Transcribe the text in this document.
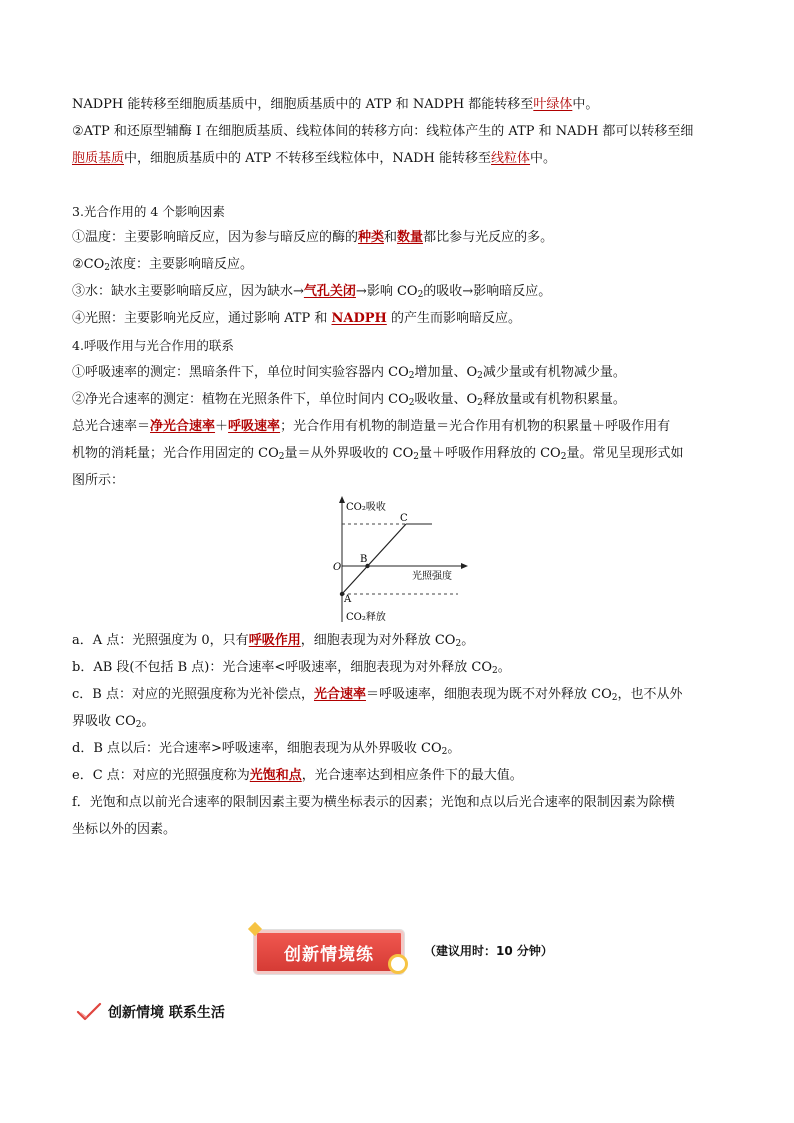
NADPH 能转移至细胞质基质中，细胞质基质中的 ATP 和 NADPH 都能转移至叶绿体中。
②ATP 和还原型辅酶 I 在细胞质基质、线粒体间的转移方向：线粒体产生的 ATP 和 NADH 都可以转移至细
胞质基质中，细胞质基质中的 ATP 不转移至线粒体中，NADH 能转移至线粒体中。
3.光合作用的 4 个影响因素
①温度：主要影响暗反应，因为参与暗反应的酶的种类和数量都比参与光反应的多。
$②CO_2$浓度：主要影响暗反应。
③水：缺水主要影响暗反应，因为缺水→气孔关闭→影响 $CO_2$的吸收→影响暗反应。
④光照：主要影响光反应，通过影响 ATP 和 NADPH 的产生而影响暗反应。
4.呼吸作用与光合作用的联系
①呼吸速率的测定：黑暗条件下，单位时间实验容器内 $CO_2$增加量、$O_2$减少量或有机物减少量。
②净光合速率的测定：植物在光照条件下，单位时间内 $CO_2$吸收量、$O_2$释放量或有机物积累量。
总光合速率＝净光合速率＋呼吸速率；光合作用有机物的制造量＝光合作用有机物的积累量＋呼吸作用有
机物的消耗量；光合作用固定的 $CO_2$量＝从外界吸收的 $CO_2$量＋呼吸作用释放的 $CO_2$量。常见呈现形式如
图所示：
CO₂吸收
CO₂释放
光照强度
O
A
B
C
a．A 点：光照强度为 0，只有呼吸作用，细胞表现为对外释放 $CO_2$。
b．AB 段(不包括 B 点)：光合速率<呼吸速率，细胞表现为对外释放 $CO_2$。
c．B 点：对应的光照强度称为光补偿点，光合速率＝呼吸速率，细胞表现为既不对外释放 $CO_2$，也不从外
界吸收 $CO_2$。
d．B 点以后：光合速率>呼吸速率，细胞表现为从外界吸收 $CO_2$。
e．C 点：对应的光照强度称为光饱和点，光合速率达到相应条件下的最大值。
f．光饱和点以前光合速率的限制因素主要为横坐标表示的因素；光饱和点以后光合速率的限制因素为除横
坐标以外的因素。
创新情境练	（建议用时：10 分钟）
创新情境 联系生活
